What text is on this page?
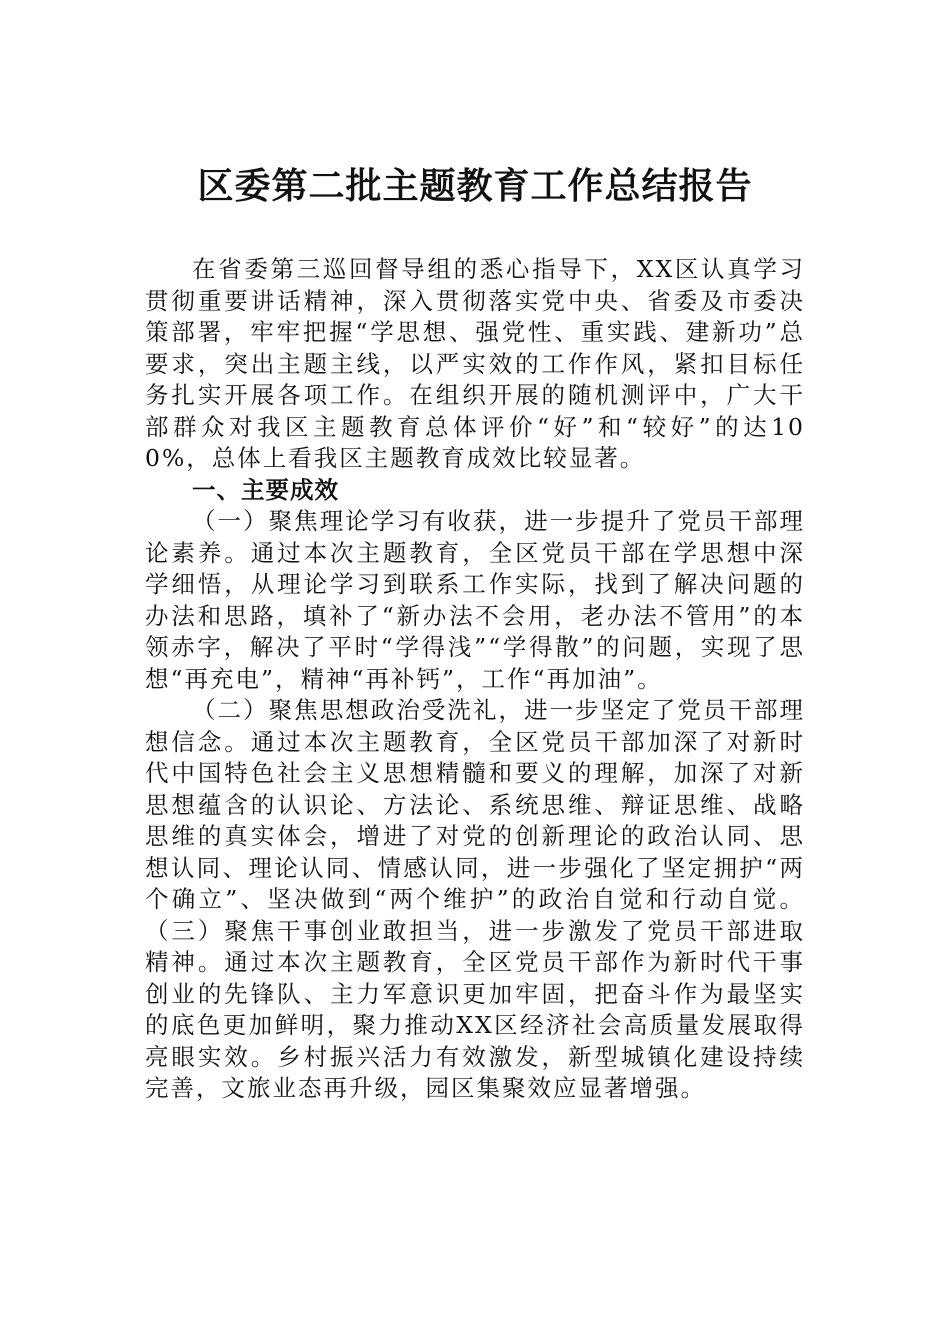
区委第二批主题教育工作总结报告

在省委第三巡回督导组的悉心指导下，XX区认真学习贯彻重要讲话精神，深入贯彻落实党中央、省委及市委决策部署，牢牢把握“学思想、强党性、重实践、建新功”总要求，突出主题主线，以严实效的工作作风，紧扣目标任务扎实开展各项工作。在组织开展的随机测评中，广大干部群众对我区主题教育总体评价“好”和“较好”的达100%，总体上看我区主题教育成效比较显著。

一、主要成效

（一）聚焦理论学习有收获，进一步提升了党员干部理论素养。通过本次主题教育，全区党员干部在学思想中深学细悟，从理论学习到联系工作实际，找到了解决问题的办法和思路，填补了“新办法不会用，老办法不管用”的本领赤字，解决了平时“学得浅”“学得散”的问题，实现了思想“再充电”，精神“再补钙”，工作“再加油”。

（二）聚焦思想政治受洗礼，进一步坚定了党员干部理想信念。通过本次主题教育，全区党员干部加深了对新时代中国特色社会主义思想精髓和要义的理解，加深了对新思想蕴含的认识论、方法论、系统思维、辩证思维、战略思维的真实体会，增进了对党的创新理论的政治认同、思想认同、理论认同、情感认同，进一步强化了坚定拥护“两个确立”、坚决做到“两个维护”的政治自觉和行动自觉。（三）聚焦干事创业敢担当，进一步激发了党员干部进取精神。通过本次主题教育，全区党员干部作为新时代干事创业的先锋队、主力军意识更加牢固，把奋斗作为最坚实的底色更加鲜明，聚力推动XX区经济社会高质量发展取得亮眼实效。乡村振兴活力有效激发，新型城镇化建设持续完善，文旅业态再升级，园区集聚效应显著增强。
